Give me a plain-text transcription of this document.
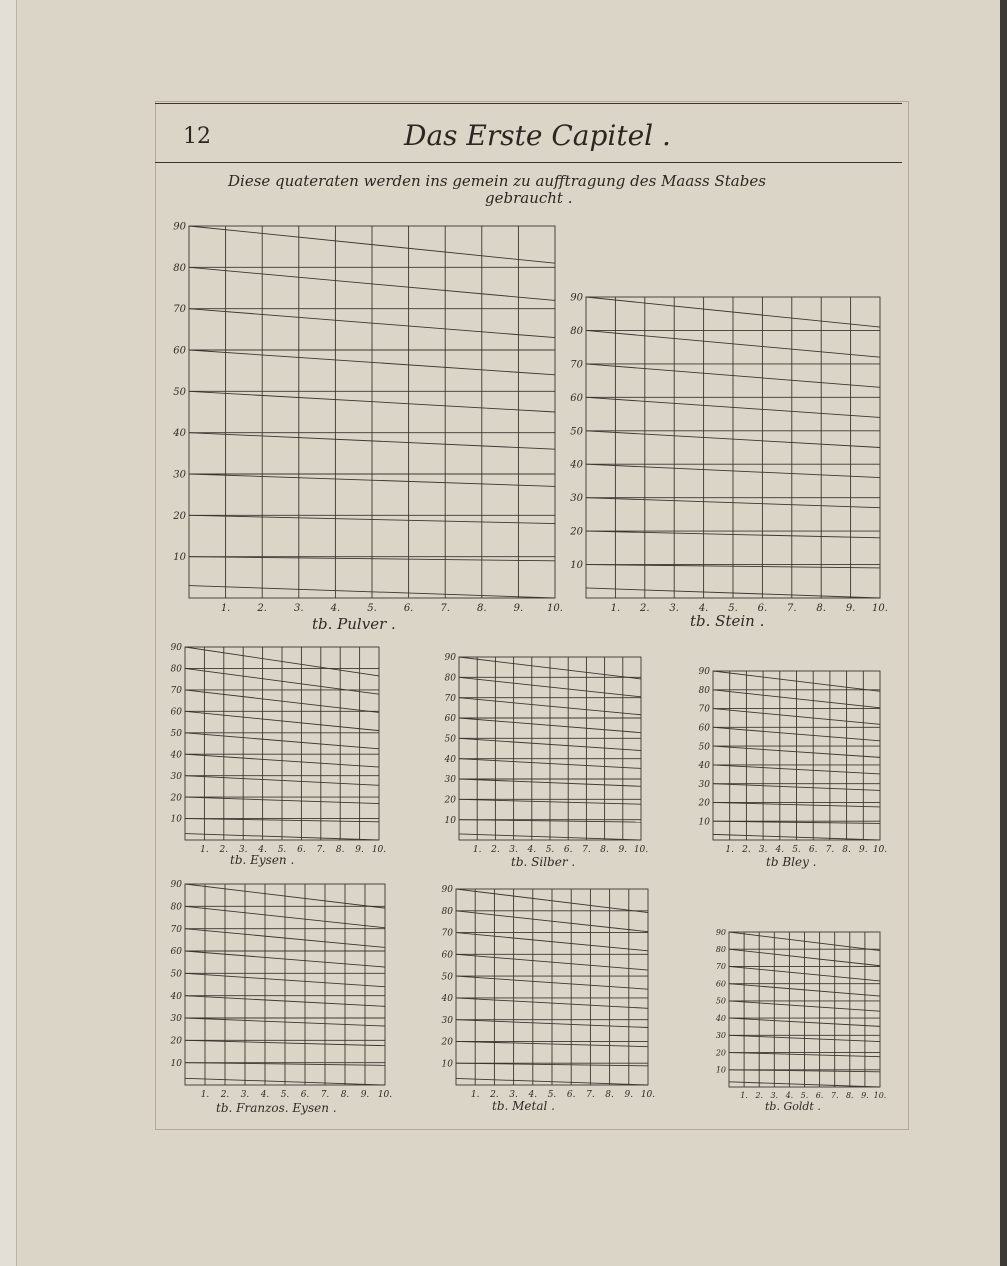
12	Das Erste Capitel .
Diese quateraten werden ins gemein zu aufftragung des Maass Stabes
gebraucht .
90
80
70
60
50
40
30
20
10
1.	2.	3.	4.	5.	6.	7.	8.	9. 10.
tb. Pulver .
90
80
70
60
50
40
30
20
10
1. 2. 3. 4. 5. 6. 7. 8. 9. 10.
tb. Stein .
90
80
70
60
50
40
30
20
10
1. 2. 3. 4. 5. 6. 7. 8. 9. 10.
tb. Eysen .
90
80
70
60
50
40
30
20
10
1. 2. 3. 4. 5. 6. 7. 8. 9. 10.
tb. Silber .
90
80
70
60
50
40
30
20
10
1. 2. 3. 4. 5. 6. 7. 8. 9. 10.
tb Bley .
90
80
70
60
50
40
30
20
10
1. 2. 3. 4. 5. 6. 7. 8. 9. 10.
tb. Franzos. Eysen .
90
80
70
60
50
40
30
20
10
1. 2. 3. 4. 5. 6. 7. 8. 9. 10.
tb. Metal .
90
80
70
60
50
40
30
20
10
1. 2. 3. 4. 5. 6. 7. 8. 9. 10.
tb. Goldt .
